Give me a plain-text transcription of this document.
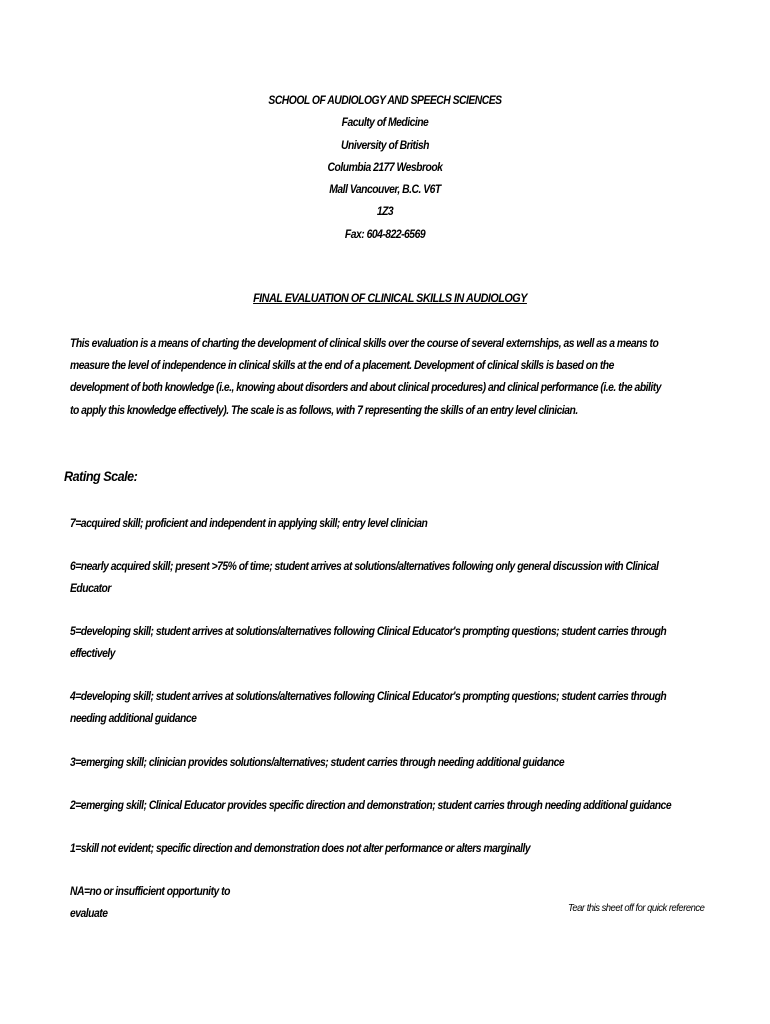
SCHOOL OF AUDIOLOGY AND SPEECH SCIENCES
Faculty of Medicine
University of British
Columbia 2177 Wesbrook
Mall Vancouver, B.C. V6T
1Z3
Fax: 604-822-6569
FINAL EVALUATION OF CLINICAL SKILLS IN AUDIOLOGY
This evaluation is a means of charting the development of clinical skills over the course of several externships, as well as a means to
measure the level of independence in clinical skills at the end of a placement. Development of clinical skills is based on the
development of both knowledge (i.e., knowing about disorders and about clinical procedures) and clinical performance (i.e. the ability
to apply this knowledge effectively). The scale is as follows, with 7 representing the skills of an entry level clinician.
Rating Scale:
7=acquired skill; proficient and independent in applying skill; entry level clinician
6=nearly acquired skill; present >75% of time; student arrives at solutions/alternatives following only general discussion with Clinical
Educator
5=developing skill; student arrives at solutions/alternatives following Clinical Educator's prompting questions; student carries through
effectively
4=developing skill; student arrives at solutions/alternatives following Clinical Educator's prompting questions; student carries through
needing additional guidance
3=emerging skill; clinician provides solutions/alternatives; student carries through needing additional guidance
2=emerging skill; Clinical Educator provides specific direction and demonstration; student carries through needing additional guidance
1=skill not evident; specific direction and demonstration does not alter performance or alters marginally
NA=no or insufficient opportunity to
evaluate	Tear this sheet off for quick reference
